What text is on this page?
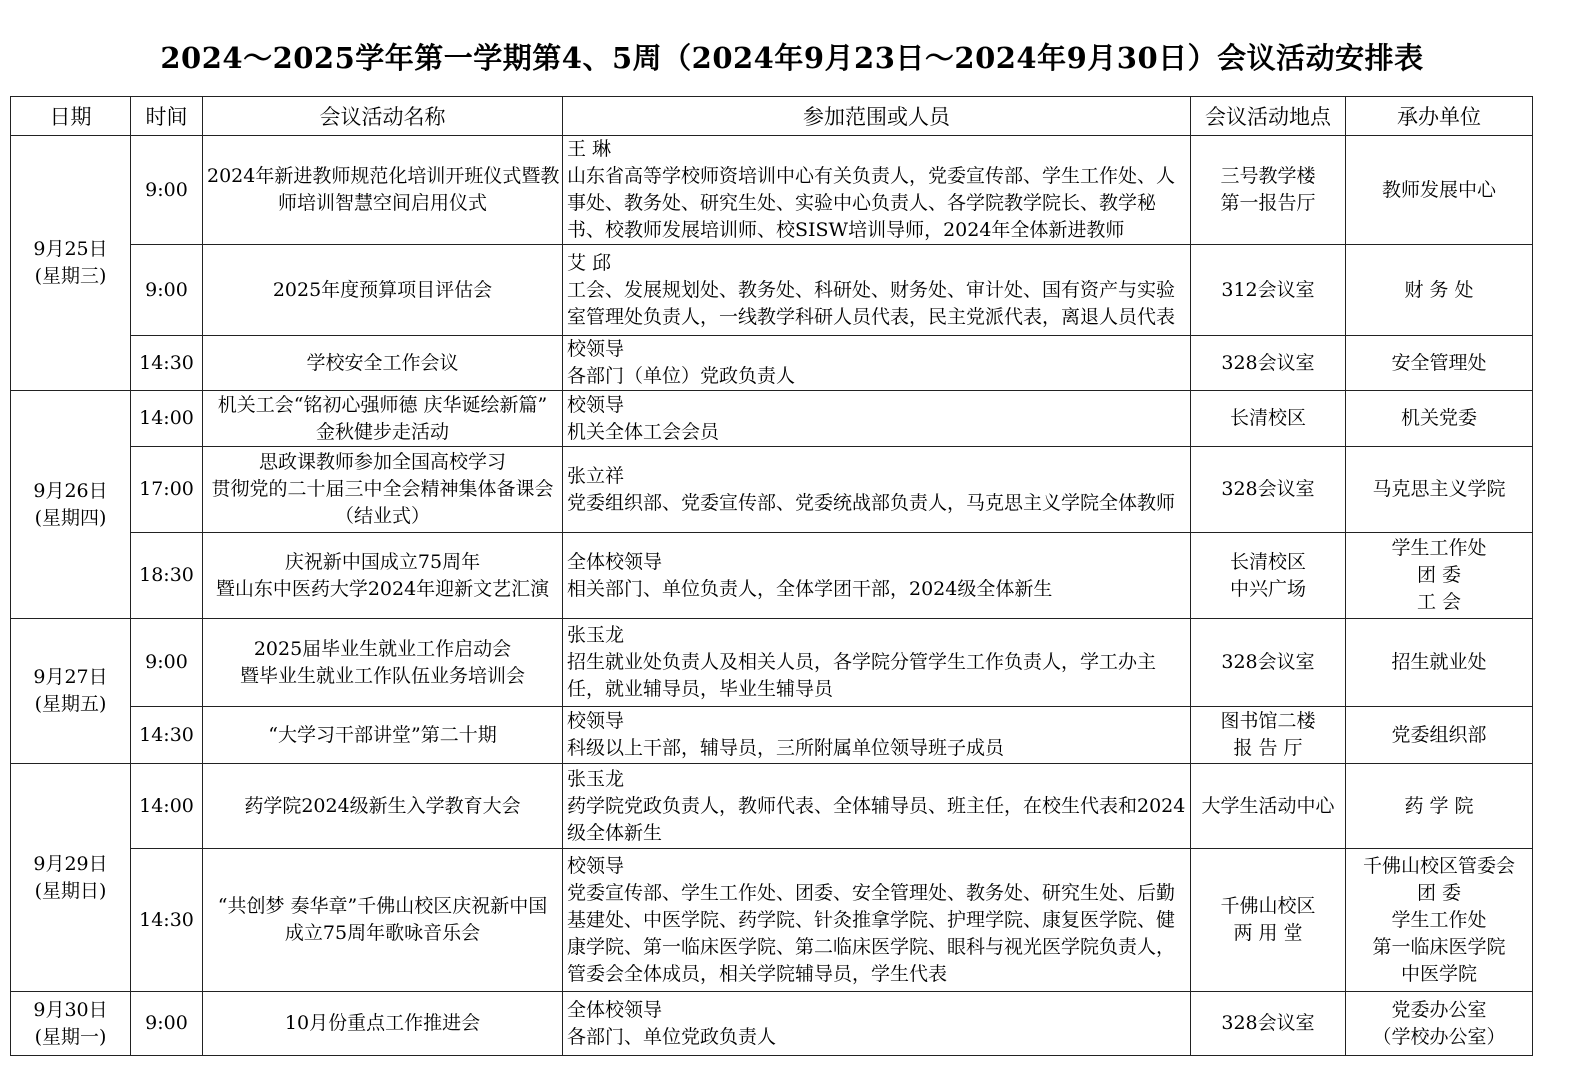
2024～2025学年第一学期第4、5周（2024年9月23日～2024年9月30日）会议活动安排表
日期	时间	会议活动名称	参加范围或人员	会议活动地点	承办单位

9月25日
(星期三)	9:00	2024年新进教师规范化培训开班仪式暨教
师培训智慧空间启用仪式	王 琳
山东省高等学校师资培训中心有关负责人，党委宣传部、学生工作处、人事处、教务处、研究生处、实验中心负责人、各学院教学院长、教学秘书、校教师发展培训师、校SISW培训导师，2024年全体新进教师	三号教学楼
第一报告厅	教师发展中心

	9:00	2025年度预算项目评估会	艾 邱
工会、发展规划处、教务处、科研处、财务处、审计处、国有资产与实验室管理处负责人，一线教学科研人员代表，民主党派代表，离退人员代表	312会议室	财 务 处

	14:30	学校安全工作会议	校领导
各部门（单位）党政负责人	328会议室	安全管理处

9月26日
(星期四)	14:00	机关工会“铭初心强师德 庆华诞绘新篇”
金秋健步走活动	校领导
机关全体工会会员	长清校区	机关党委

	17:00	思政课教师参加全国高校学习
贯彻党的二十届三中全会精神集体备课会
（结业式）	张立祥
党委组织部、党委宣传部、党委统战部负责人，马克思主义学院全体教师	328会议室	马克思主义学院

	18:30	庆祝新中国成立75周年
暨山东中医药大学2024年迎新文艺汇演	全体校领导
相关部门、单位负责人，全体学团干部，2024级全体新生	长清校区
中兴广场	学生工作处
团 委
工 会

9月27日
(星期五)	9:00	2025届毕业生就业工作启动会
暨毕业生就业工作队伍业务培训会	张玉龙
招生就业处负责人及相关人员，各学院分管学生工作负责人，学工办主任，就业辅导员，毕业生辅导员	328会议室	招生就业处

	14:30	“大学习干部讲堂”第二十期	校领导
科级以上干部，辅导员，三所附属单位领导班子成员	图书馆二楼
报 告 厅	党委组织部

9月29日
(星期日)	14:00	药学院2024级新生入学教育大会	张玉龙
药学院党政负责人，教师代表、全体辅导员、班主任，在校生代表和2024级全体新生	大学生活动中心	药 学 院

	14:30	“共创梦 奏华章”千佛山校区庆祝新中国
成立75周年歌咏音乐会	校领导
党委宣传部、学生工作处、团委、安全管理处、教务处、研究生处、后勤基建处、中医学院、药学院、针灸推拿学院、护理学院、康复医学院、健康学院、第一临床医学院、第二临床医学院、眼科与视光医学院负责人，管委会全体成员，相关学院辅导员，学生代表	千佛山校区
两 用 堂	千佛山校区管委会
团 委
学生工作处
第一临床医学院
中医学院

9月30日
(星期一)	9:00	10月份重点工作推进会	全体校领导
各部门、单位党政负责人	328会议室	党委办公室
（学校办公室）
